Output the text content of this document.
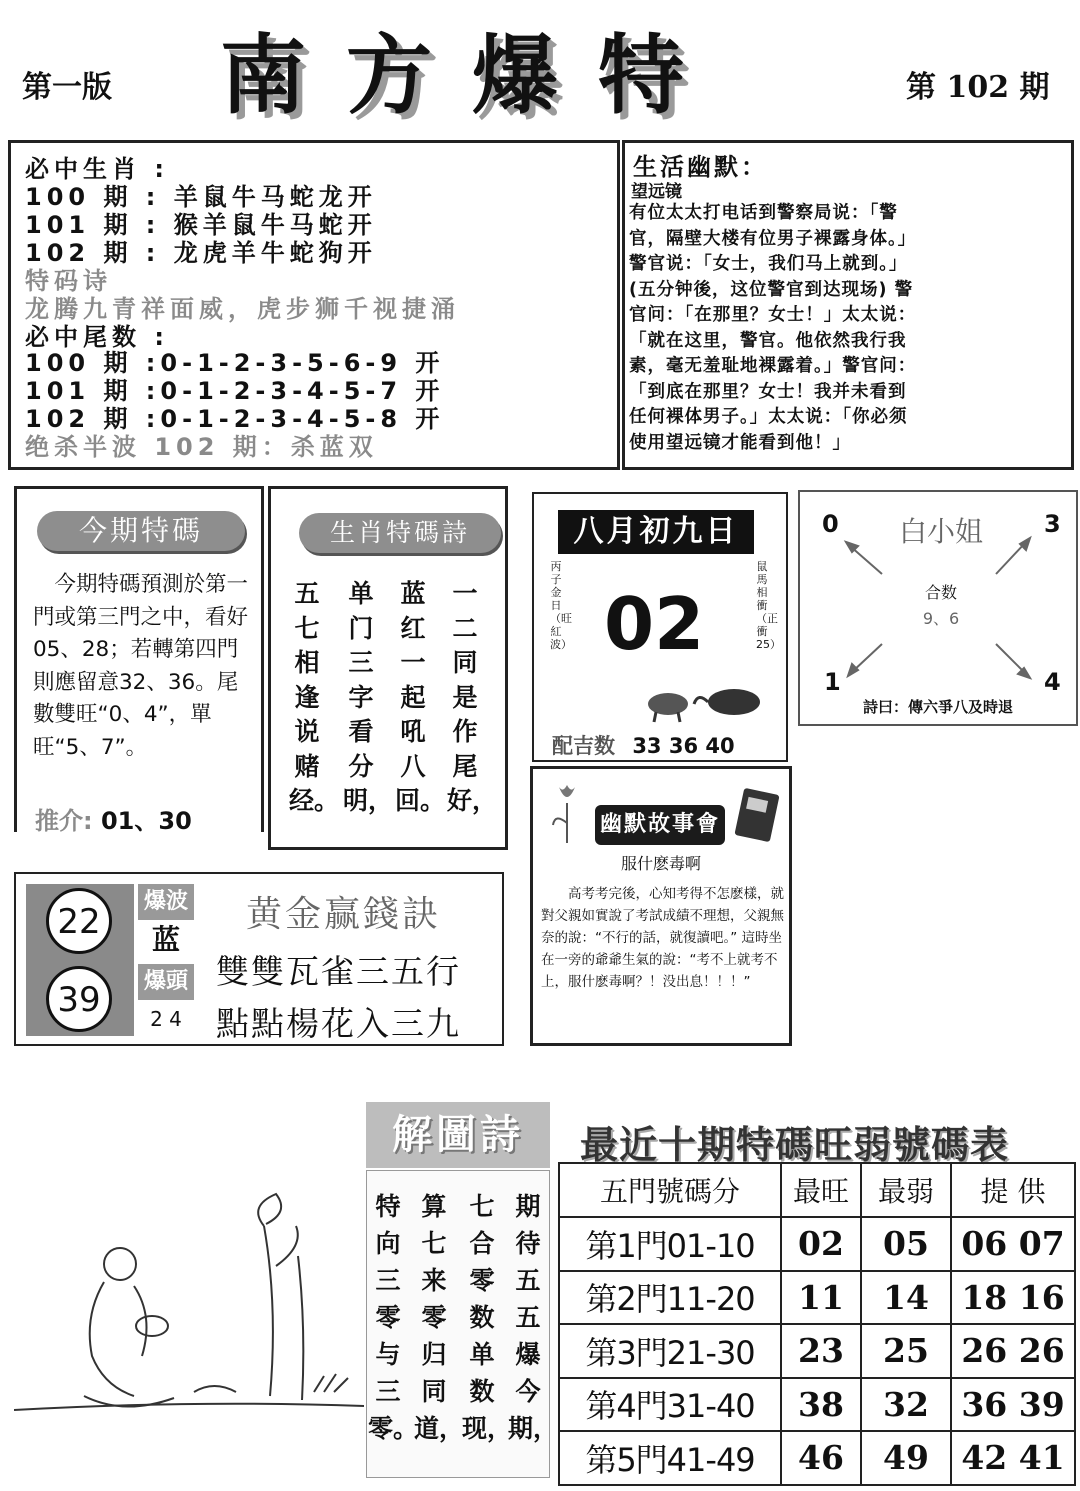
第一版 南方爆特	第 102 期
必中生肖 :
100 期 : 羊鼠牛马蛇龙开
101 期 : 猴羊鼠牛马蛇开
102 期 : 龙虎羊牛蛇狗开
特码诗
龙腾九青祥面威，虎步狮千视捷涌
必中尾数 :
100 期 :0-1-2-3-5-6-9 开
101 期 :0-1-2-3-4-5-7 开
102 期 :0-1-2-3-4-5-8 开
绝杀半波 102 期：杀蓝双
生活幽默：
望远镜
有位太太打电话到警察局说：「警
官，隔壁大楼有位男子裸露身体。」
警官说：「女士，我们马上就到。」
(五分钟後，这位警官到达现场) 警
官问：「在那里？女士！」太太说：
「就在这里，警官。他依然我行我
素，毫无羞耻地裸露着。」警官问：
「到底在那里？女士！我并未看到
任何裸体男子。」太太说：「你必须
使用望远镜才能看到他！」
今期特碼
　今期特碼預測於第一門或第三門之中，看好05、28；若轉第四門則應留意32、36。尾數雙旺“0、4”，單旺“5、7”。
推介: 01、30
生肖特碼詩
五七相逢说赌经。
单门三字看分明，
蓝红一起吼八回。
一二同是作尾好，
八月初九日
丙子金日（旺紅波）
鼠馬相衝（正衝25）
02
配吉数 33 36 40
0	3
1	4
白小姐
合数
9、6
詩曰：傳六爭八及時退
幽默故事會
服什麽毒啊
　　高考考完後，心知考得不怎麽樣，就對父親如實說了考試成績不理想，父親無奈的說：“不行的話，就復讀吧。” 這時坐在一旁的爺爺生氣的說：“考不上就考不上，服什麽毒啊？！没出息！！！”
22
39
爆波
蓝
爆頭
2 4
黄金赢錢訣
雙雙瓦雀三五行
點點楊花入三九
解圖詩
特向三零与三零。
算七来零归同道，
七合零数单数现，
期待五五爆今期，
最近十期特碼旺弱號碼表
五門號碼分	最旺	最弱	提 供
第1門01-10	02	05	06 07
第2門11-20	11	14	18 16
第3門21-30	23	25	26 26
第4門31-40	38	32	36 39
第5門41-49	46	49	42 41
